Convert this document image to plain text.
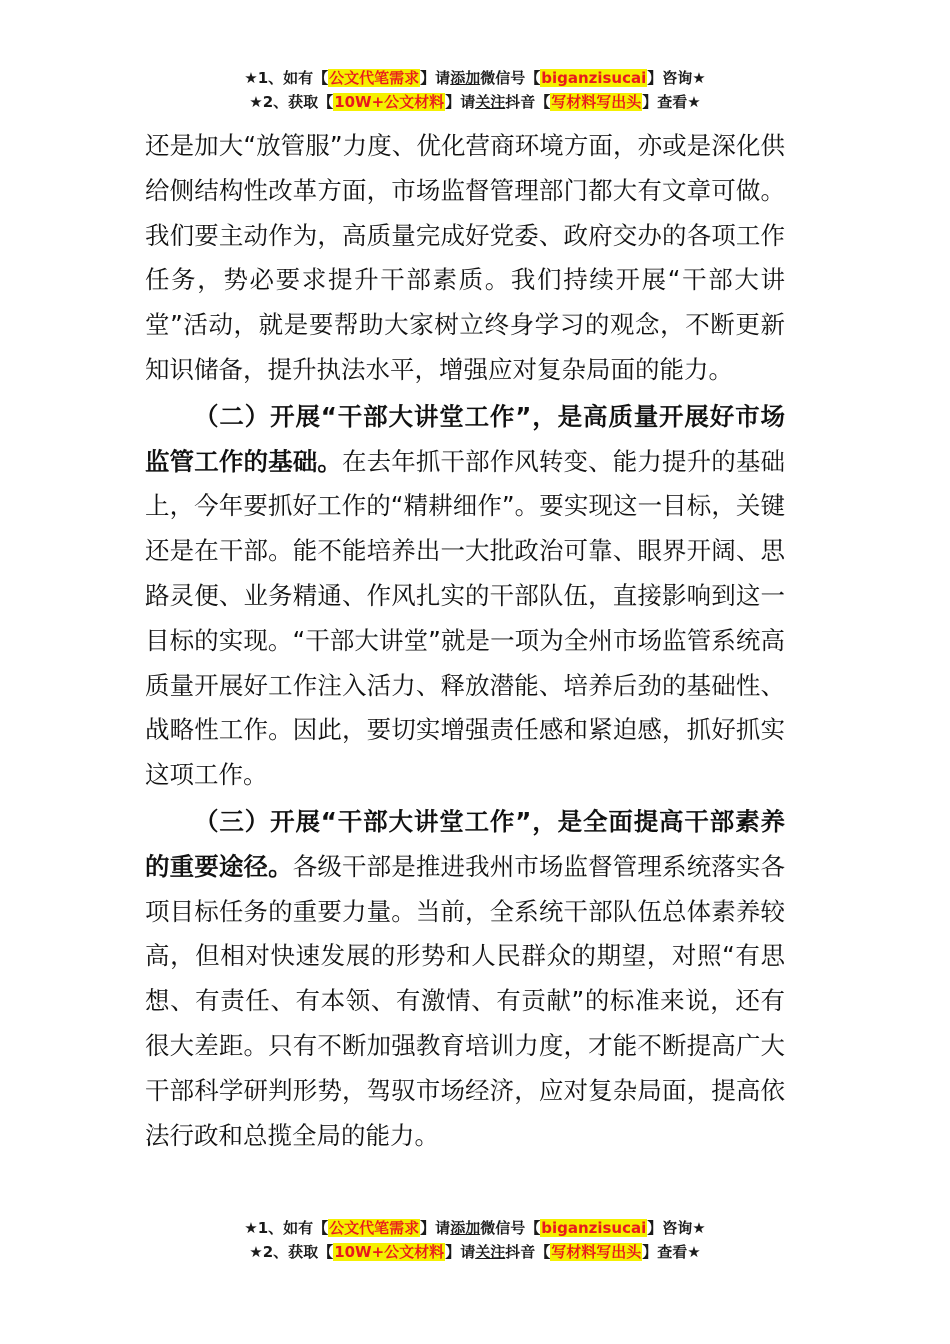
★1、如有【公文代笔需求】请添加微信号【biganzisucai】咨询★
★2、获取【10W+公文材料】请关注抖音【写材料写出头】查看★

还是加大“放管服”力度、优化营商环境方面，亦或是深化供给侧结构性改革方面，市场监督管理部门都大有文章可做。我们要主动作为，高质量完成好党委、政府交办的各项工作任务，势必要求提升干部素质。我们持续开展“干部大讲堂”活动，就是要帮助大家树立终身学习的观念，不断更新知识储备，提升执法水平，增强应对复杂局面的能力。

（二）开展“干部大讲堂工作”，是高质量开展好市场监管工作的基础。在去年抓干部作风转变、能力提升的基础上，今年要抓好工作的“精耕细作”。要实现这一目标，关键还是在干部。能不能培养出一大批政治可靠、眼界开阔、思路灵便、业务精通、作风扎实的干部队伍，直接影响到这一目标的实现。“干部大讲堂”就是一项为全州市场监管系统高质量开展好工作注入活力、释放潜能、培养后劲的基础性、战略性工作。因此，要切实增强责任感和紧迫感，抓好抓实这项工作。

（三）开展“干部大讲堂工作”，是全面提高干部素养的重要途径。各级干部是推进我州市场监督管理系统落实各项目标任务的重要力量。当前，全系统干部队伍总体素养较高，但相对快速发展的形势和人民群众的期望，对照“有思想、有责任、有本领、有激情、有贡献”的标准来说，还有很大差距。只有不断加强教育培训力度，才能不断提高广大干部科学研判形势，驾驭市场经济，应对复杂局面，提高依法行政和总揽全局的能力。

★1、如有【公文代笔需求】请添加微信号【biganzisucai】咨询★
★2、获取【10W+公文材料】请关注抖音【写材料写出头】查看★
